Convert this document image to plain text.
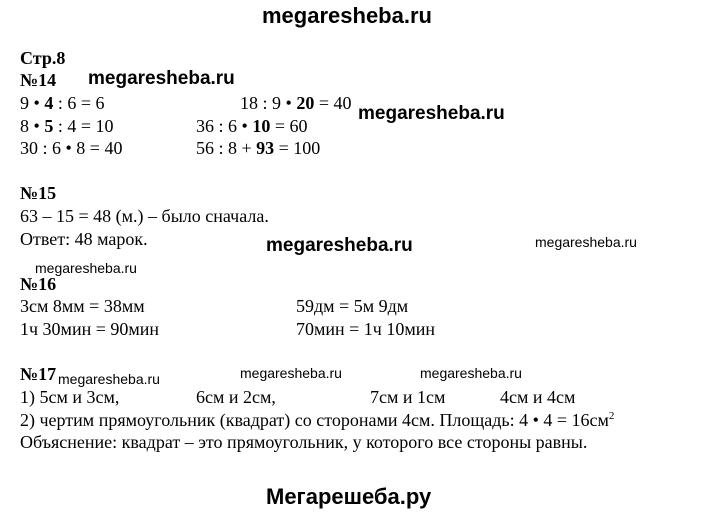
megaresheba.ru
megaresheba.ru
megaresheba.ru
megaresheba.ru	megaresheba.ru
megaresheba.ru
megaresheba.ru	megaresheba.ru	megaresheba.ru
Мегарешеба.ру
Стр.8
№14
9 • 4 : 6 = 6	18 : 9 • 20 = 40
8 • 5 : 4 = 10	36 : 6 • 10 = 60
30 : 6 • 8 = 40	56 : 8 + 93 = 100
№15
63 – 15 = 48 (м.) – было сначала.
Ответ: 48 марок.
№16
3см 8мм = 38мм	59дм = 5м 9дм
1ч 30мин = 90мин	70мин = 1ч 10мин
№17
1) 5см и 3см,	6см и 2см,	7см и 1см	4см и 4см
2) чертим прямоугольник (квадрат) со сторонами 4см. Площадь: 4 • $4 = 16см^2$
Объяснение: квадрат – это прямоугольник, у которого все стороны равны.
